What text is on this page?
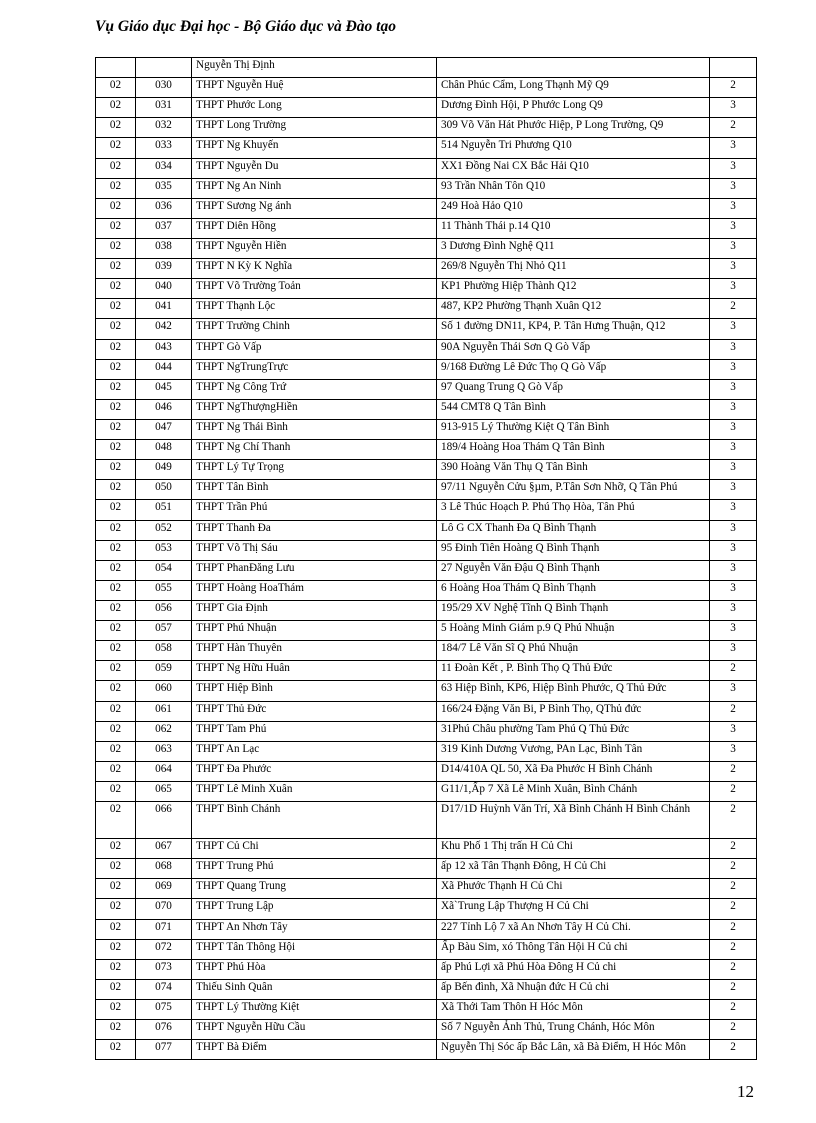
Vụ Giáo dục Đại học - Bộ Giáo dục và Đào tạo
		Nguyễn Thị Định		
02	030	THPT Nguyễn Huệ	Chân Phúc Cẩm, Long Thạnh Mỹ Q9	2
02	031	THPT Phước Long	Dương Đình Hội, P Phước Long Q9	3
02	032	THPT Long Trường	309 Võ Văn Hát Phước Hiệp, P Long Trường, Q9	2
02	033	THPT Ng Khuyến	514 Nguyễn Tri Phương Q10	3
02	034	THPT Nguyễn Du	XX1 Đồng Nai CX Bắc Hải Q10	3
02	035	THPT Ng An Ninh	93 Trần Nhân Tôn Q10	3
02	036	THPT Sương Ng ánh	249 Hoà Hảo Q10	3
02	037	THPT Diên Hồng	11 Thành Thái p.14 Q10	3
02	038	THPT Nguyễn Hiền	3 Dương Đình Nghệ Q11	3
02	039	THPT N Kỳ K Nghĩa	269/8 Nguyễn Thị Nhỏ Q11	3
02	040	THPT Võ Trường Toản	KP1 Phường Hiệp Thành Q12	3
02	041	THPT Thạnh Lộc	487, KP2 Phường Thạnh Xuân Q12	2
02	042	THPT Trường Chinh	Số 1 đường DN11, KP4, P. Tân Hưng Thuận, Q12	3
02	043	THPT Gò Vấp	90A Nguyễn Thái Sơn Q Gò Vấp	3
02	044	THPT NgTrungTrực	9/168 Đường Lê Đức Thọ Q Gò Vấp	3
02	045	THPT Ng Công Trứ	97 Quang Trung Q Gò Vấp	3
02	046	THPT NgThượngHiền	544 CMT8 Q Tân Bình	3
02	047	THPT Ng Thái Bình	913-915 Lý Thường Kiệt Q Tân Bình	3
02	048	THPT Ng Chí Thanh	189/4 Hoàng Hoa Thám Q Tân Bình	3
02	049	THPT Lý Tự Trọng	390 Hoàng Văn Thụ Q Tân Bình	3
02	050	THPT Tân Bình	97/11 Nguyễn Cửu §µm, P.Tân Sơn Nhỡ, Q Tân Phú	3
02	051	THPT Trần Phú	3 Lê Thúc Hoạch P. Phú Thọ Hòa, Tân Phú	3
02	052	THPT Thanh Đa	Lô G CX Thanh Đa Q Bình Thạnh	3
02	053	THPT Võ Thị Sáu	95 Đinh Tiên Hoàng Q Bình Thạnh	3
02	054	THPT PhanĐăng Lưu	27 Nguyễn Văn Đậu Q Bình Thạnh	3
02	055	THPT Hoàng HoaThám	6 Hoàng Hoa Thám Q Bình Thạnh	3
02	056	THPT Gia Định	195/29 XV Nghệ Tĩnh Q Bình Thạnh	3
02	057	THPT Phú Nhuận	5 Hoàng Minh Giám p.9 Q Phú Nhuận	3
02	058	THPT Hàn Thuyên	184/7 Lê Văn Sĩ Q Phú Nhuận	3
02	059	THPT Ng Hữu Huân	11 Đoàn Kết , P. Bình Thọ Q Thủ Đức	2
02	060	THPT Hiệp Bình	63 Hiệp Bình, KP6, Hiệp Bình Phước, Q Thủ Đức	3
02	061	THPT Thủ Đức	166/24 Đặng Văn Bi, P Bình Thọ, QThủ đức	2
02	062	THPT Tam Phú	31Phú Châu phường Tam Phú Q Thủ Đức	3
02	063	THPT An Lạc	319 Kinh Dương Vương, PAn Lạc, Bình Tân	3
02	064	THPT Đa Phước	D14/410A QL 50, Xã Đa Phước H Bình Chánh	2
02	065	THPT Lê Minh Xuân	G11/1,Ấp 7 Xã Lê Minh Xuân, Bình Chánh	2
02	066	THPT Bình Chánh	D17/1D Huỳnh Văn Trí, Xã Bình Chánh H Bình Chánh	2
02	067	THPT Củ Chi	Khu Phố 1 Thị trấn H Củ Chi	2
02	068	THPT Trung Phú	ấp 12 xã Tân Thạnh Đông, H Củ Chi	2
02	069	THPT Quang Trung	Xã Phước Thạnh H Củ Chi	2
02	070	THPT Trung Lập	Xã`Trung Lập Thượng H Củ Chi	2
02	071	THPT An Nhơn Tây	227 Tỉnh Lộ 7 xã An Nhơn Tây H Củ Chi.	2
02	072	THPT Tân Thông Hội	Ấp Bàu Sim, xó Thông Tân Hội H Củ chi	2
02	073	THPT Phú Hòa	ấp Phú Lợi xã Phú Hòa Đông H Củ chi	2
02	074	Thiếu Sinh Quân	ấp Bến đình, Xã Nhuận đức H Củ chi	2
02	075	THPT Lý Thường Kiệt	Xã Thới Tam Thôn H Hóc Môn	2
02	076	THPT Nguyễn Hữu Cầu	Số 7 Nguyễn Ảnh Thủ, Trung Chánh, Hóc Môn	2
02	077	THPT Bà Điểm	Nguyễn Thị Sóc ấp Bắc Lân, xã Bà Điểm, H Hóc Môn	2
12
